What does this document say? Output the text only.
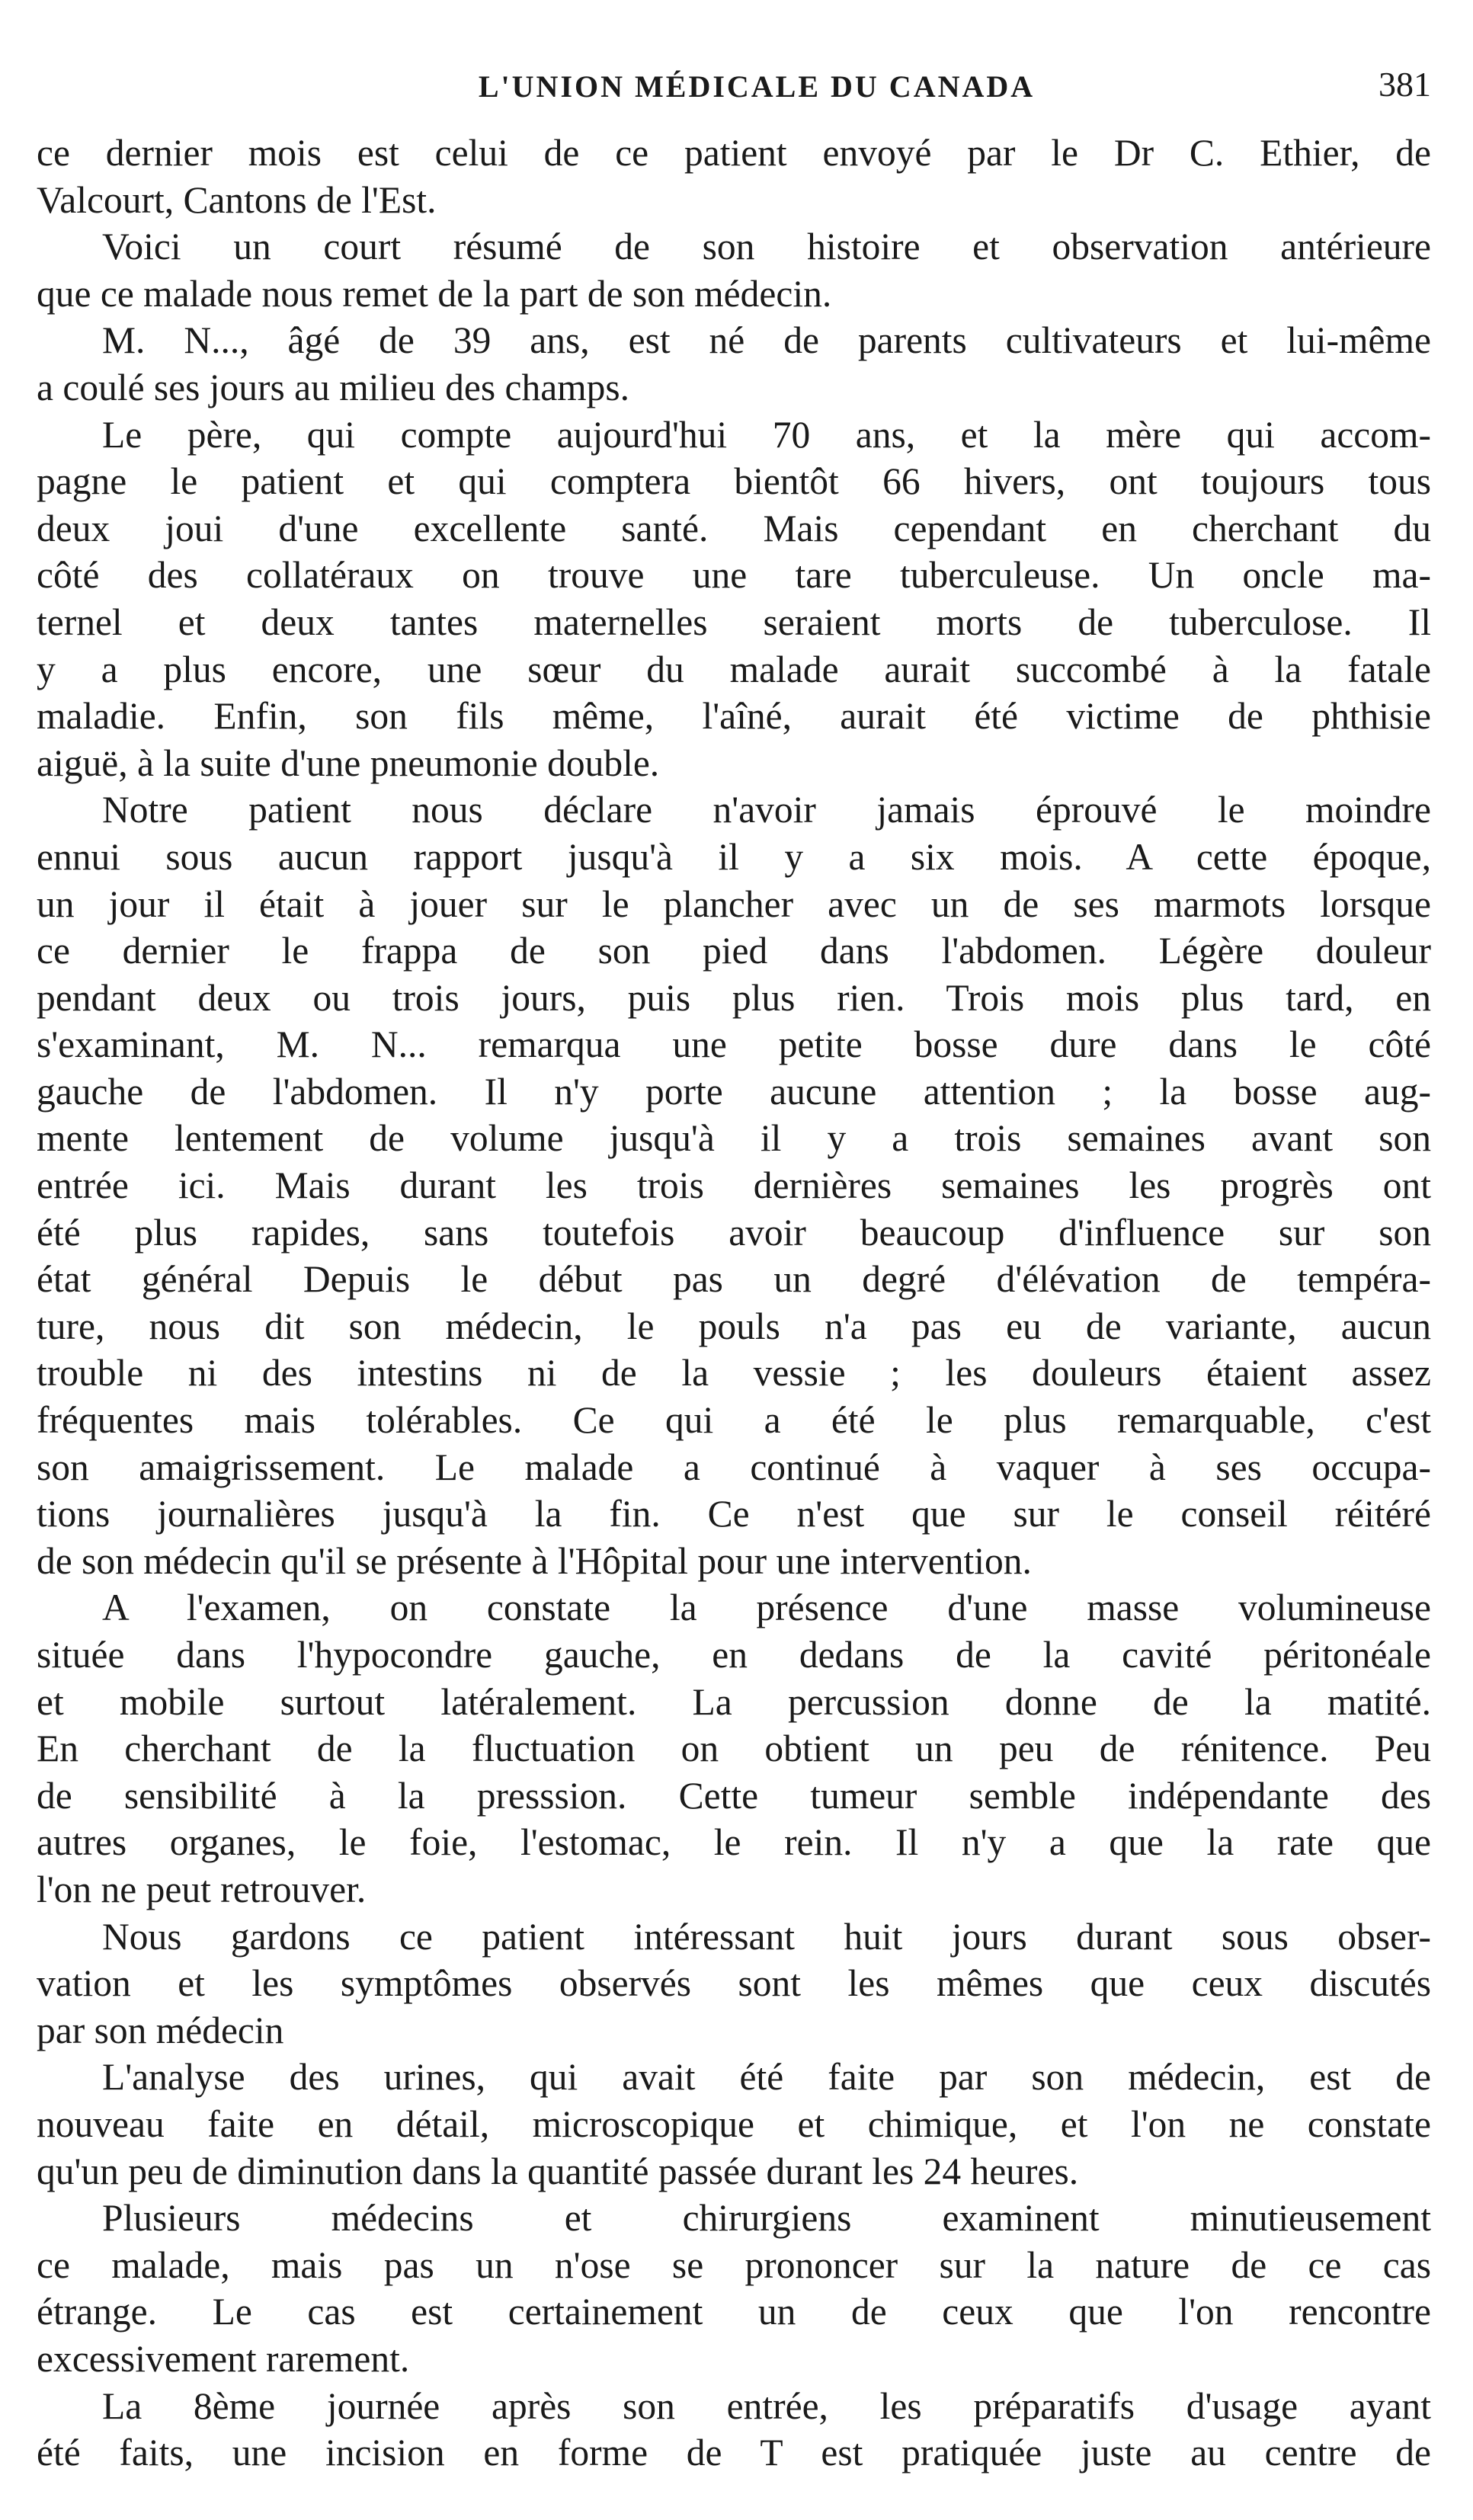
L'UNION MÉDICALE DU CANADA	381
ce dernier mois est celui de ce patient envoyé par le Dr C. Ethier, de
Valcourt, Cantons de l'Est.
Voici un court résumé de son histoire et observation antérieure
que ce malade nous remet de la part de son médecin.
M. N..., âgé de 39 ans, est né de parents cultivateurs et lui-même
a coulé ses jours au milieu des champs.
Le père, qui compte aujourd'hui 70 ans, et la mère qui accom-
pagne le patient et qui comptera bientôt 66 hivers, ont toujours tous
deux joui d'une excellente santé. Mais cependant en cherchant du
côté des collatéraux on trouve une tare tuberculeuse. Un oncle ma-
ternel et deux tantes maternelles seraient morts de tuberculose. Il
y a plus encore, une sœur du malade aurait succombé à la fatale
maladie. Enfin, son fils même, l'aîné, aurait été victime de phthisie
aiguë, à la suite d'une pneumonie double.
Notre patient nous déclare n'avoir jamais éprouvé le moindre
ennui sous aucun rapport jusqu'à il y a six mois. A cette époque,
un jour il était à jouer sur le plancher avec un de ses marmots lorsque
ce dernier le frappa de son pied dans l'abdomen. Légère douleur
pendant deux ou trois jours, puis plus rien. Trois mois plus tard, en
s'examinant, M. N... remarqua une petite bosse dure dans le côté
gauche de l'abdomen. Il n'y porte aucune attention ; la bosse aug-
mente lentement de volume jusqu'à il y a trois semaines avant son
entrée ici. Mais durant les trois dernières semaines les progrès ont
été plus rapides, sans toutefois avoir beaucoup d'influence sur son
état général Depuis le début pas un degré d'élévation de tempéra-
ture, nous dit son médecin, le pouls n'a pas eu de variante, aucun
trouble ni des intestins ni de la vessie ; les douleurs étaient assez
fréquentes mais tolérables. Ce qui a été le plus remarquable, c'est
son amaigrissement. Le malade a continué à vaquer à ses occupa-
tions journalières jusqu'à la fin. Ce n'est que sur le conseil réitéré
de son médecin qu'il se présente à l'Hôpital pour une intervention.
A l'examen, on constate la présence d'une masse volumineuse
située dans l'hypocondre gauche, en dedans de la cavité péritonéale
et mobile surtout latéralement. La percussion donne de la matité.
En cherchant de la fluctuation on obtient un peu de rénitence. Peu
de sensibilité à la presssion. Cette tumeur semble indépendante des
autres organes, le foie, l'estomac, le rein. Il n'y a que la rate que
l'on ne peut retrouver.
Nous gardons ce patient intéressant huit jours durant sous obser-
vation et les symptômes observés sont les mêmes que ceux discutés
par son médecin
L'analyse des urines, qui avait été faite par son médecin, est de
nouveau faite en détail, microscopique et chimique, et l'on ne constate
qu'un peu de diminution dans la quantité passée durant les 24 heures.
Plusieurs médecins et chirurgiens examinent minutieusement
ce malade, mais pas un n'ose se prononcer sur la nature de ce cas
étrange. Le cas est certainement un de ceux que l'on rencontre
excessivement rarement.
La 8ème journée après son entrée, les préparatifs d'usage ayant
été faits, une incision en forme de T est pratiquée juste au centre de
